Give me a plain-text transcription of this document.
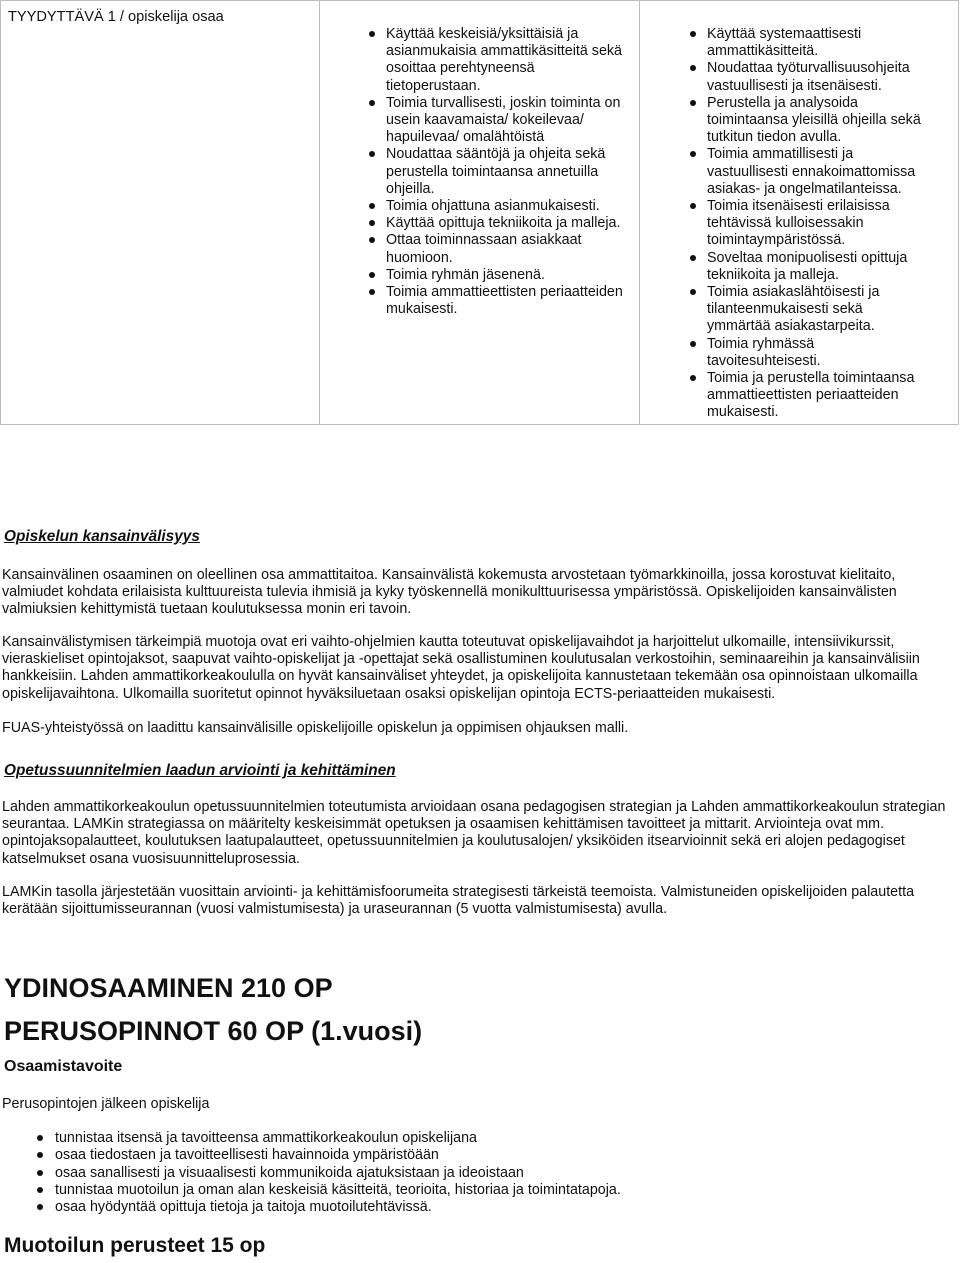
TYYDYTTÄVÄ 1 / opiskelija osaa
Käyttää keskeisiä/yksittäisiä ja asianmukaisia ammattikäsitteitä sekä osoittaa perehtyneensä tietoperustaan.
Toimia turvallisesti, joskin toiminta on usein kaavamaista/ kokeilevaa/ hapuilevaa/ omalähtöistä
Noudattaa sääntöjä ja ohjeita sekä perustella toimintaansa annetuilla ohjeilla.
Toimia ohjattuna asianmukaisesti.
Käyttää opittuja tekniikoita ja malleja.
Ottaa toiminnassaan asiakkaat huomioon.
Toimia ryhmän jäsenenä.
Toimia ammattieettisten periaatteiden mukaisesti.
Käyttää systemaattisesti ammattikäsitteitä.
Noudattaa työturvallisuusohjeita vastuullisesti ja itsenäisesti.
Perustella ja analysoida toimintaansa yleisillä ohjeilla sekä tutkitun tiedon avulla.
Toimia ammatillisesti ja vastuullisesti ennakoimattomissa asiakas- ja ongelmatilanteissa.
Toimia itsenäisesti erilaisissa tehtävissä kulloisessakin toimintaympäristössä.
Soveltaa monipuolisesti opittuja tekniikoita ja malleja.
Toimia asiakaslähtöisesti ja tilanteenmukaisesti sekä ymmärtää asiakastarpeita.
Toimia ryhmässä tavoitesuhteisesti.
Toimia ja perustella toimintaansa ammattieettisten periaatteiden mukaisesti.
Opiskelun kansainvälisyys

Kansainvälinen osaaminen on oleellinen osa ammattitaitoa. Kansainvälistä kokemusta arvostetaan työmarkkinoilla, jossa korostuvat kielitaito, valmiudet kohdata erilaisista kulttuureista tulevia ihmisiä ja kyky työskennellä monikulttuurisessa ympäristössä. Opiskelijoiden kansainvälisten valmiuksien kehittymistä tuetaan koulutuksessa monin eri tavoin.

Kansainvälistymisen tärkeimpiä muotoja ovat eri vaihto-ohjelmien kautta toteutuvat opiskelijavaihdot ja harjoittelut ulkomaille, intensiivikurssit, vieraskieliset opintojaksot, saapuvat vaihto-opiskelijat ja -opettajat sekä osallistuminen koulutusalan verkostoihin, seminaareihin ja kansainvälisiin hankkeisiin. Lahden ammattikorkeakoululla on hyvät kansainväliset yhteydet, ja opiskelijoita kannustetaan tekemään osa opinnoistaan ulkomailla opiskelijavaihtona. Ulkomailla suoritetut opinnot hyväksiluetaan osaksi opiskelijan opintoja ECTS-periaatteiden mukaisesti.

FUAS-yhteistyössä on laadittu kansainvälisille opiskelijoille opiskelun ja oppimisen ohjauksen malli.

Opetussuunnitelmien laadun arviointi ja kehittäminen

Lahden ammattikorkeakoulun opetussuunnitelmien toteutumista arvioidaan osana pedagogisen strategian ja Lahden ammattikorkeakoulun strategian seurantaa. LAMKin strategiassa on määritelty keskeisimmät opetuksen ja osaamisen kehittämisen tavoitteet ja mittarit. Arviointeja ovat mm. opintojaksopalautteet, koulutuksen laatupalautteet, opetussuunnitelmien ja koulutusalojen/ yksiköiden itsearvioinnit sekä eri alojen pedagogiset katselmukset osana vuosisuunnitteluprosessia.

LAMKin tasolla järjestetään vuosittain arviointi- ja kehittämisfoorumeita strategisesti tärkeistä teemoista. Valmistuneiden opiskelijoiden palautetta kerätään sijoittumisseurannan (vuosi valmistumisesta) ja uraseurannan (5 vuotta valmistumisesta) avulla.

YDINOSAAMINEN 210 OP
PERUSOPINNOT 60 OP (1.vuosi)
Osaamistavoite

Perusopintojen jälkeen opiskelija

tunnistaa itsensä ja tavoitteensa ammattikorkeakoulun opiskelijana
osaa tiedostaen ja tavoitteellisesti havainnoida ympäristöään
osaa sanallisesti ja visuaalisesti kommunikoida ajatuksistaan ja ideoistaan
tunnistaa muotoilun ja oman alan keskeisiä käsitteitä, teorioita, historiaa ja toimintatapoja.
osaa hyödyntää opittuja tietoja ja taitoja muotoilutehtävissä.
Muotoilun perusteet 15 op
